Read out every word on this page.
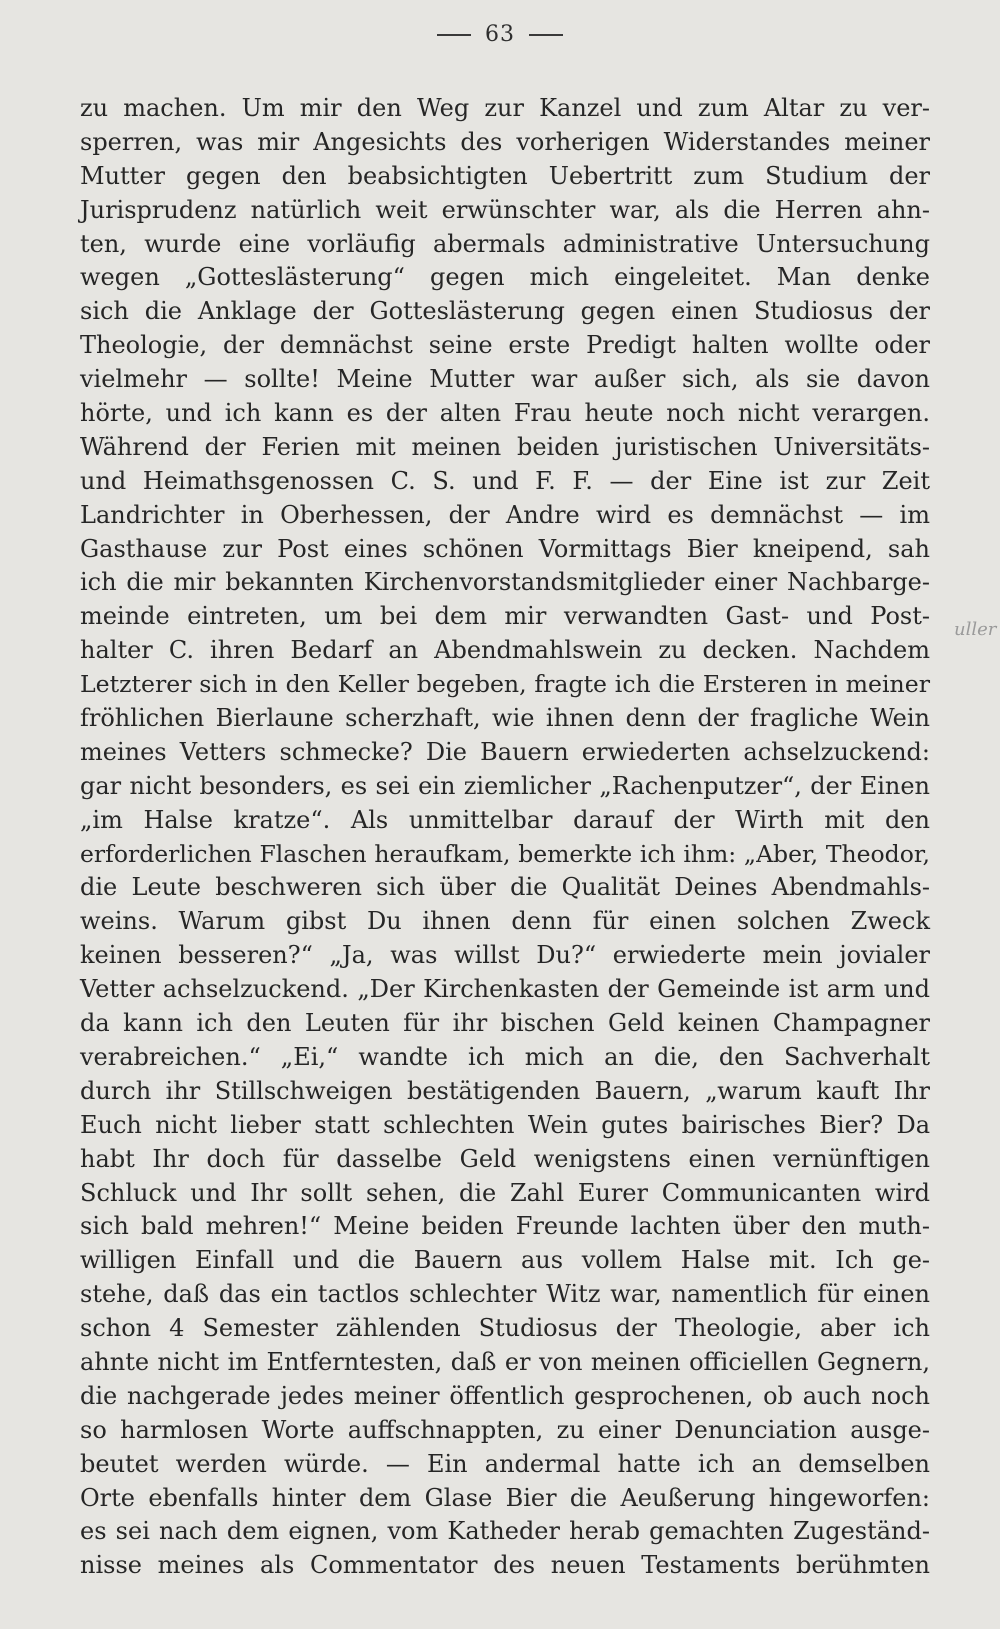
63
zu machen. Um mir den Weg zur Kanzel und zum Altar zu ver-
sperren, was mir Angesichts des vorherigen Widerstandes meiner
Mutter gegen den beabsichtigten Uebertritt zum Studium der
Jurisprudenz natürlich weit erwünschter war, als die Herren ahn-
ten, wurde eine vorläufig abermals administrative Untersuchung
wegen „Gotteslästerung“ gegen mich eingeleitet. Man denke
sich die Anklage der Gotteslästerung gegen einen Studiosus der
Theologie, der demnächst seine erste Predigt halten wollte oder
vielmehr — sollte! Meine Mutter war außer sich, als sie davon
hörte, und ich kann es der alten Frau heute noch nicht verargen.
Während der Ferien mit meinen beiden juristischen Universitäts-
und Heimathsgenossen C. S. und F. F. — der Eine ist zur Zeit
Landrichter in Oberhessen, der Andre wird es demnächst — im
Gasthause zur Post eines schönen Vormittags Bier kneipend, sah
ich die mir bekannten Kirchenvorstandsmitglieder einer Nachbarge-
meinde eintreten, um bei dem mir verwandten Gast- und Post-
halter C. ihren Bedarf an Abendmahlswein zu decken. Nachdem
Letzterer sich in den Keller begeben, fragte ich die Ersteren in meiner
fröhlichen Bierlaune scherzhaft, wie ihnen denn der fragliche Wein
meines Vetters schmecke? Die Bauern erwiederten achselzuckend:
gar nicht besonders, es sei ein ziemlicher „Rachenputzer“, der Einen
„im Halse kratze“. Als unmittelbar darauf der Wirth mit den
erforderlichen Flaschen heraufkam, bemerkte ich ihm: „Aber, Theodor,
die Leute beschweren sich über die Qualität Deines Abendmahls-
weins. Warum gibst Du ihnen denn für einen solchen Zweck
keinen besseren?“ „Ja, was willst Du?“ erwiederte mein jovialer
Vetter achselzuckend. „Der Kirchenkasten der Gemeinde ist arm und
da kann ich den Leuten für ihr bischen Geld keinen Champagner
verabreichen.“ „Ei,“ wandte ich mich an die, den Sachverhalt
durch ihr Stillschweigen bestätigenden Bauern, „warum kauft Ihr
Euch nicht lieber statt schlechten Wein gutes bairisches Bier? Da
habt Ihr doch für dasselbe Geld wenigstens einen vernünftigen
Schluck und Ihr sollt sehen, die Zahl Eurer Communicanten wird
sich bald mehren!“ Meine beiden Freunde lachten über den muth-
willigen Einfall und die Bauern aus vollem Halse mit. Ich ge-
stehe, daß das ein tactlos schlechter Witz war, namentlich für einen
schon 4 Semester zählenden Studiosus der Theologie, aber ich
ahnte nicht im Entferntesten, daß er von meinen officiellen Gegnern,
die nachgerade jedes meiner öffentlich gesprochenen, ob auch noch
so harmlosen Worte auffschnappten, zu einer Denunciation ausge-
beutet werden würde. — Ein andermal hatte ich an demselben
Orte ebenfalls hinter dem Glase Bier die Aeußerung hingeworfen:
es sei nach dem eignen, vom Katheder herab gemachten Zugeständ-
nisse meines als Commentator des neuen Testaments berühmten
uller
